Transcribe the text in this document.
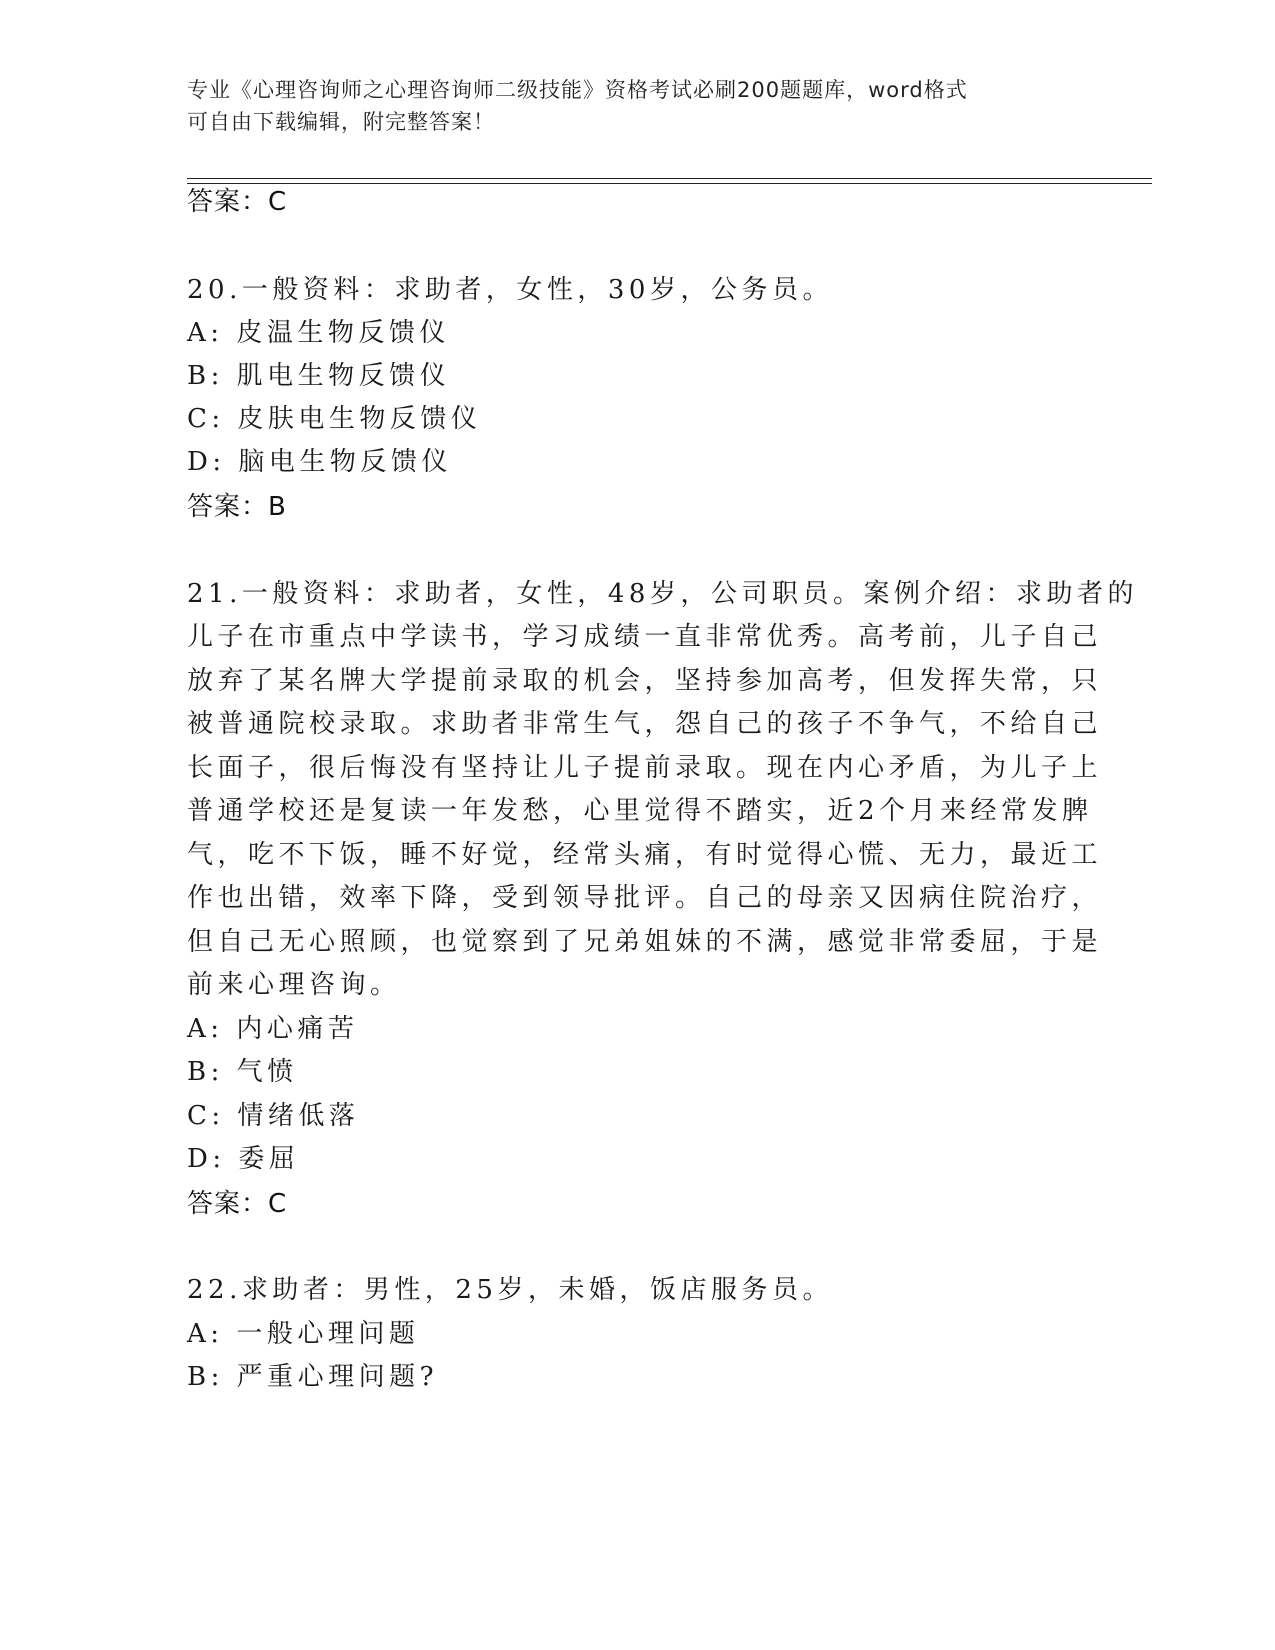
专业《心理咨询师之心理咨询师二级技能》资格考试必刷200题题库，word格式
可自由下载编辑，附完整答案！
答案：C
20.一般资料：求助者，女性，30岁，公务员。
A: 皮温生物反馈仪
B: 肌电生物反馈仪
C: 皮肤电生物反馈仪
D: 脑电生物反馈仪
答案：B
21.一般资料：求助者，女性，48岁，公司职员。案例介绍：求助者的
儿子在市重点中学读书，学习成绩一直非常优秀。高考前，儿子自己
放弃了某名牌大学提前录取的机会，坚持参加高考，但发挥失常，只
被普通院校录取。求助者非常生气，怨自己的孩子不争气，不给自己
长面子，很后悔没有坚持让儿子提前录取。现在内心矛盾，为儿子上
普通学校还是复读一年发愁，心里觉得不踏实，近2个月来经常发脾
气，吃不下饭，睡不好觉，经常头痛，有时觉得心慌、无力，最近工
作也出错，效率下降，受到领导批评。自己的母亲又因病住院治疗，
但自己无心照顾，也觉察到了兄弟姐妹的不满，感觉非常委屈，于是
前来心理咨询。
A: 内心痛苦
B: 气愤
C: 情绪低落
D: 委屈
答案：C
22.求助者：男性，25岁，未婚，饭店服务员。
A: 一般心理问题
B: 严重心理问题?
